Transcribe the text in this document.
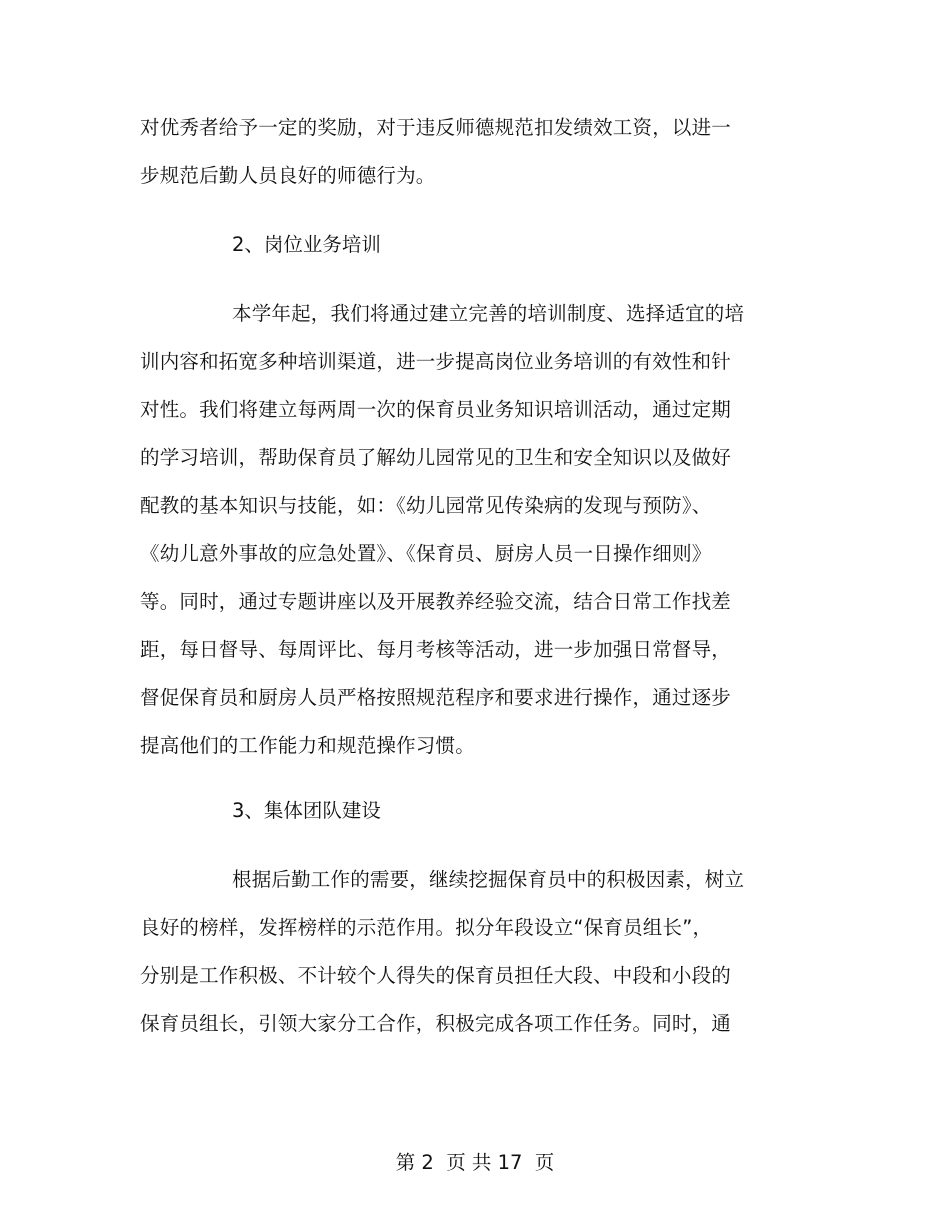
对优秀者给予一定的奖励，对于违反师德规范扣发绩效工资，以进一
步规范后勤人员良好的师德行为。
2、岗位业务培训
本学年起，我们将通过建立完善的培训制度、选择适宜的培
训内容和拓宽多种培训渠道，进一步提高岗位业务培训的有效性和针
对性。我们将建立每两周一次的保育员业务知识培训活动，通过定期
的学习培训，帮助保育员了解幼儿园常见的卫生和安全知识以及做好
配教的基本知识与技能，如：《幼儿园常见传染病的发现与预防》、
《幼儿意外事故的应急处置》、《保育员、厨房人员一日操作细则》
等。同时，通过专题讲座以及开展教养经验交流，结合日常工作找差
距，每日督导、每周评比、每月考核等活动，进一步加强日常督导，
督促保育员和厨房人员严格按照规范程序和要求进行操作，通过逐步
提高他们的工作能力和规范操作习惯。
3、集体团队建设
根据后勤工作的需要，继续挖掘保育员中的积极因素，树立
良好的榜样，发挥榜样的示范作用。拟分年段设立“保育员组长”，
分别是工作积极、不计较个人得失的保育员担任大段、中段和小段的
保育员组长，引领大家分工合作，积极完成各项工作任务。同时，通
第 2  页 共 17  页
